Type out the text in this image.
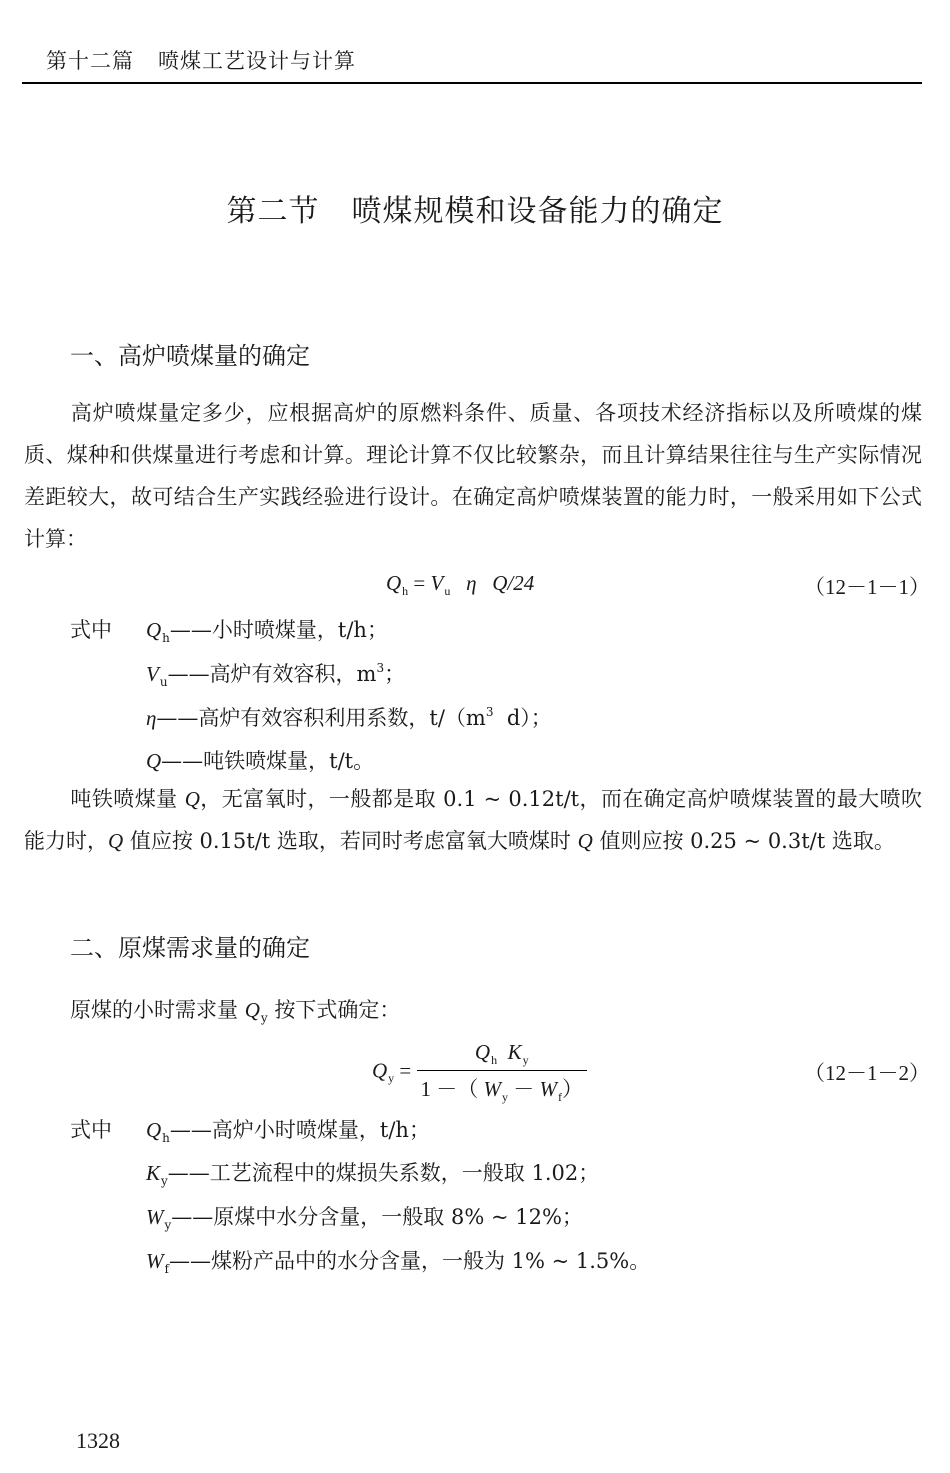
第十二篇 喷煤工艺设计与计算
第二节 喷煤规模和设备能力的确定
一、高炉喷煤量的确定
高炉喷煤量定多少，应根据高炉的原燃料条件、质量、各项技术经济指标以及所喷煤的煤质、煤种和供煤量进行考虑和计算。理论计算不仅比较繁杂，而且计算结果往往与生产实际情况差距较大，故可结合生产实践经验进行设计。在确定高炉喷煤装置的能力时，一般采用如下公式计算：
$Q_h = V_u$ η Q/24	（12－1－1）
式中 $Q_h——$小时喷煤量，t/h；
$V_u——$高炉有效容积，$m^3$；
η——高炉有效容积利用系数，$t/(m^3$  d）；
Q——吨铁喷煤量，t/t。
吨铁喷煤量 Q，无富氧时，一般都是取 0.1 ~ 0.12t/t，而在确定高炉喷煤装置的最大喷吹能力时，Q 值应按 0.15t/t 选取，若同时考虑富氧大喷煤时 Q 值则应按 0.25 ~ 0.3t/t 选取。
二、原煤需求量的确定
原煤的小时需求量 $Q_y$ 按下式确定：
$Q_y = \frac{Q_h K_y}{1 -( W_y - W_f)}$	（12－1－2）
式中 $Q_h——$高炉小时喷煤量，t/h；
$K_y——$工艺流程中的煤损失系数，一般取 1.02；
$W_y——$原煤中水分含量，一般取 8% ~ 12%；
$W_f——$煤粉产品中的水分含量，一般为 1% ~ 1.5%。
1328
